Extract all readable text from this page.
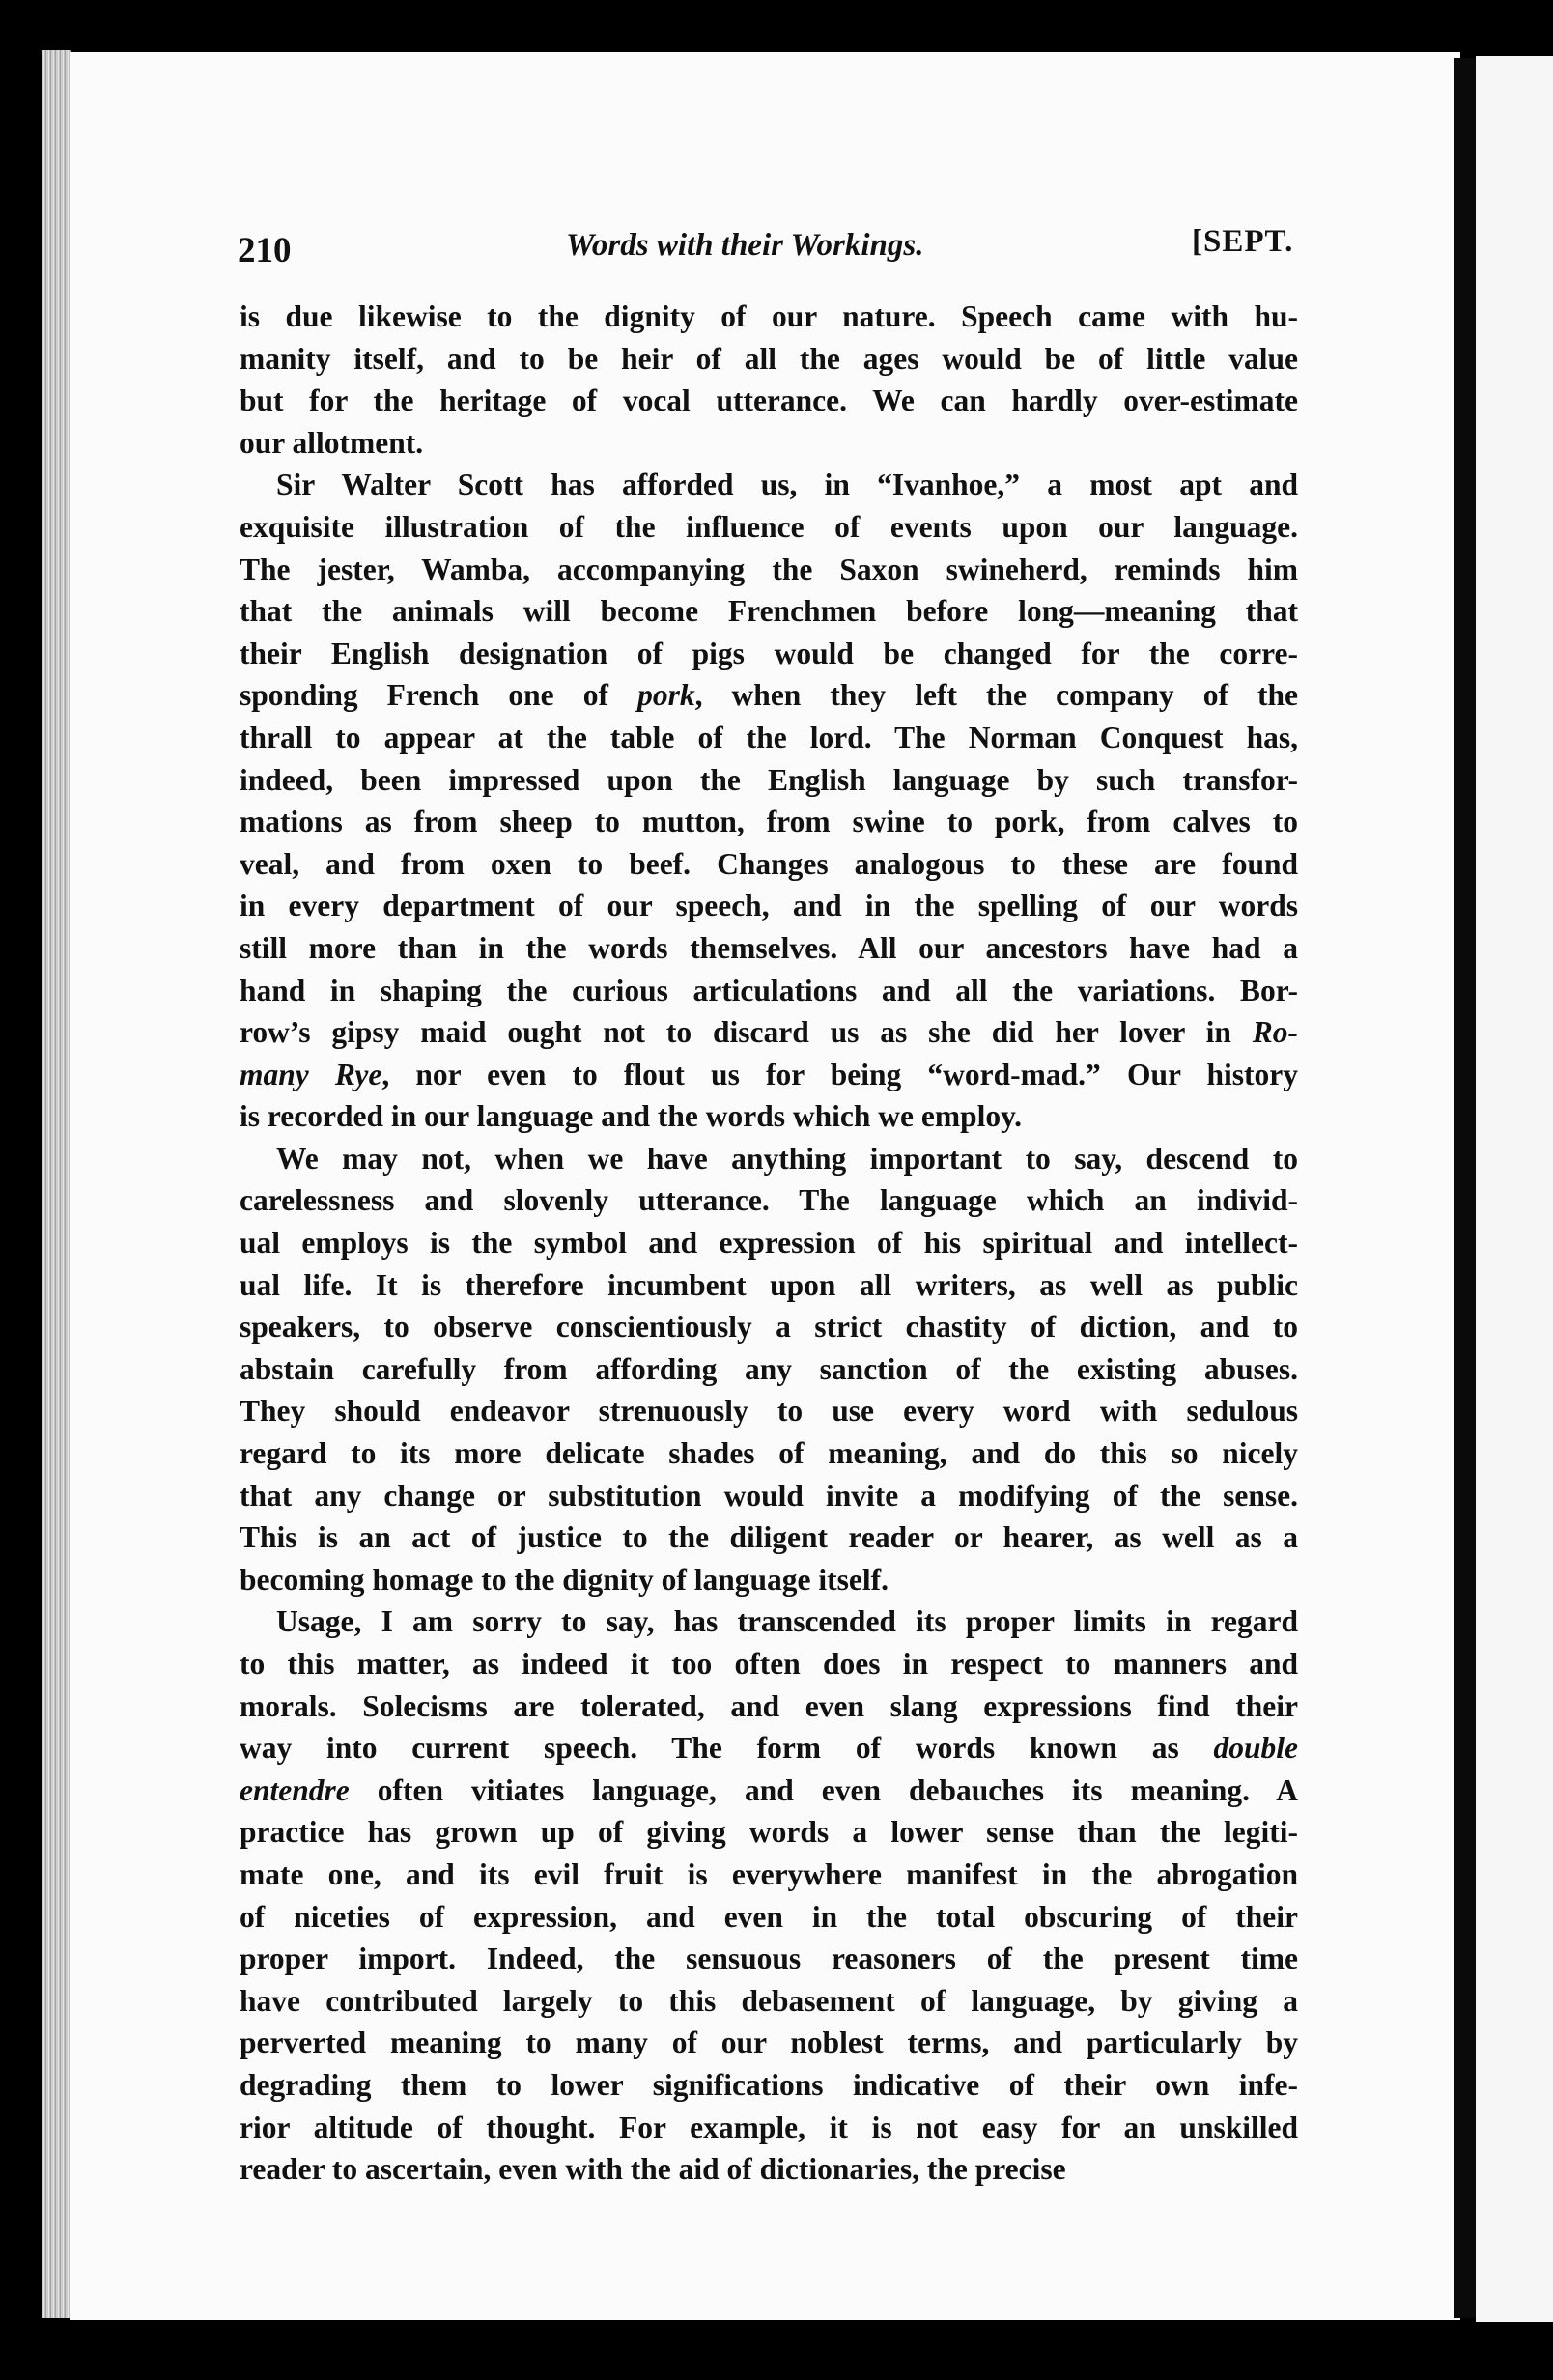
210	Words with their Workings.	[SEPT.
is due likewise to the dignity of our nature. Speech came with hu-
manity itself, and to be heir of all the ages would be of little value
but for the heritage of vocal utterance. We can hardly over-estimate
our allotment.
Sir Walter Scott has afforded us, in “Ivanhoe,” a most apt and
exquisite illustration of the influence of events upon our language.
The jester, Wamba, accompanying the Saxon swineherd, reminds him
that the animals will become Frenchmen before long—meaning that
their English designation of pigs would be changed for the corre-
sponding French one of pork, when they left the company of the
thrall to appear at the table of the lord. The Norman Conquest has,
indeed, been impressed upon the English language by such transfor-
mations as from sheep to mutton, from swine to pork, from calves to
veal, and from oxen to beef. Changes analogous to these are found
in every department of our speech, and in the spelling of our words
still more than in the words themselves. All our ancestors have had a
hand in shaping the curious articulations and all the variations. Bor-
row’s gipsy maid ought not to discard us as she did her lover in Ro-
many Rye, nor even to flout us for being “word-mad.” Our history
is recorded in our language and the words which we employ.
We may not, when we have anything important to say, descend to
carelessness and slovenly utterance. The language which an individ-
ual employs is the symbol and expression of his spiritual and intellect-
ual life. It is therefore incumbent upon all writers, as well as public
speakers, to observe conscientiously a strict chastity of diction, and to
abstain carefully from affording any sanction of the existing abuses.
They should endeavor strenuously to use every word with sedulous
regard to its more delicate shades of meaning, and do this so nicely
that any change or substitution would invite a modifying of the sense.
This is an act of justice to the diligent reader or hearer, as well as a
becoming homage to the dignity of language itself.
Usage, I am sorry to say, has transcended its proper limits in regard
to this matter, as indeed it too often does in respect to manners and
morals. Solecisms are tolerated, and even slang expressions find their
way into current speech. The form of words known as double
entendre often vitiates language, and even debauches its meaning. A
practice has grown up of giving words a lower sense than the legiti-
mate one, and its evil fruit is everywhere manifest in the abrogation
of niceties of expression, and even in the total obscuring of their
proper import. Indeed, the sensuous reasoners of the present time
have contributed largely to this debasement of language, by giving a
perverted meaning to many of our noblest terms, and particularly by
degrading them to lower significations indicative of their own infe-
rior altitude of thought. For example, it is not easy for an unskilled
reader to ascertain, even with the aid of dictionaries, the precise
